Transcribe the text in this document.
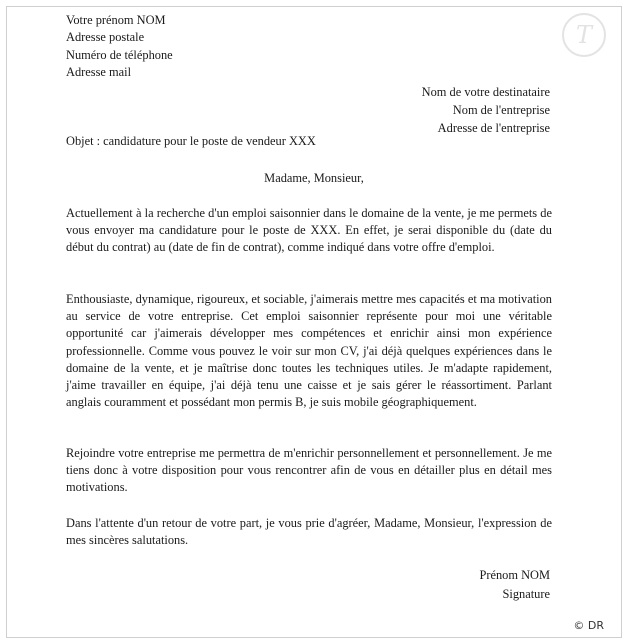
T
Votre prénom NOM
Adresse postale
Numéro de téléphone
Adresse mail
Nom de votre destinataire
Nom de l'entreprise
Adresse de l'entreprise
Objet : candidature pour le poste de vendeur XXX
Madame, Monsieur,

Actuellement à la recherche d'un emploi saisonnier dans le domaine de la vente, je me permets de vous envoyer ma candidature pour le poste de XXX. En effet, je serai disponible du (date du début du contrat) au (date de fin de contrat), comme indiqué dans votre offre d'emploi.

Enthousiaste, dynamique, rigoureux, et sociable, j'aimerais mettre mes capacités et ma motivation au service de votre entreprise. Cet emploi saisonnier représente pour moi une véritable opportunité car j'aimerais développer mes compétences et enrichir ainsi mon expérience professionnelle. Comme vous pouvez le voir sur mon CV, j'ai déjà quelques expériences dans le domaine de la vente, et je maîtrise donc toutes les techniques utiles. Je m'adapte rapidement, j'aime travailler en équipe, j'ai déjà tenu une caisse et je sais gérer le réassortiment. Parlant anglais couramment et possédant mon permis B, je suis mobile géographiquement.

Rejoindre votre entreprise me permettra de m'enrichir personnellement et personnellement. Je me tiens donc à votre disposition pour vous rencontrer afin de vous en détailler plus en détail mes motivations.

Dans l'attente d'un retour de votre part, je vous prie d'agréer, Madame, Monsieur, l'expression de mes sincères salutations.

Prénom NOM
Signature
© DR
